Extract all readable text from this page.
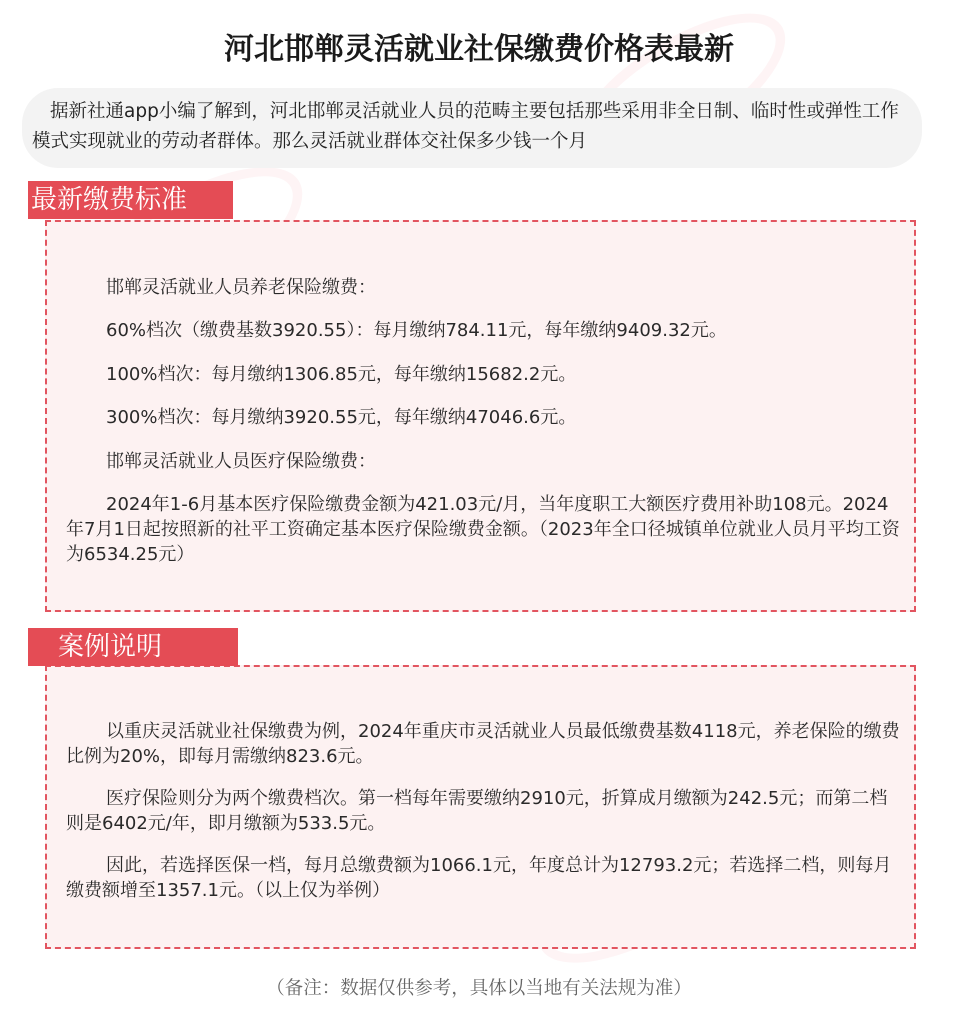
河北邯郸灵活就业社保缴费价格表最新
据新社通app小编了解到，河北邯郸灵活就业人员的范畴主要包括那些采用非全日制、临时性或弹性工作模式实现就业的劳动者群体。那么灵活就业群体交社保多少钱一个月
最新缴费标准
邯郸灵活就业人员养老保险缴费：
60%档次（缴费基数3920.55）：每月缴纳784.11元，每年缴纳9409.32元。
100%档次：每月缴纳1306.85元，每年缴纳15682.2元。
300%档次：每月缴纳3920.55元，每年缴纳47046.6元。
邯郸灵活就业人员医疗保险缴费：
2024年1-6月基本医疗保险缴费金额为421.03元/月，当年度职工大额医疗费用补助108元。2024年7月1日起按照新的社平工资确定基本医疗保险缴费金额。（2023年全口径城镇单位就业人员月平均工资为6534.25元）
案例说明
以重庆灵活就业社保缴费为例，2024年重庆市灵活就业人员最低缴费基数4118元，养老保险的缴费比例为20%，即每月需缴纳823.6元。
医疗保险则分为两个缴费档次。第一档每年需要缴纳2910元，折算成月缴额为242.5元；而第二档则是6402元/年，即月缴额为533.5元。
因此，若选择医保一档，每月总缴费额为1066.1元，年度总计为12793.2元；若选择二档，则每月缴费额增至1357.1元。（以上仅为举例）
（备注：数据仅供参考，具体以当地有关法规为准）
